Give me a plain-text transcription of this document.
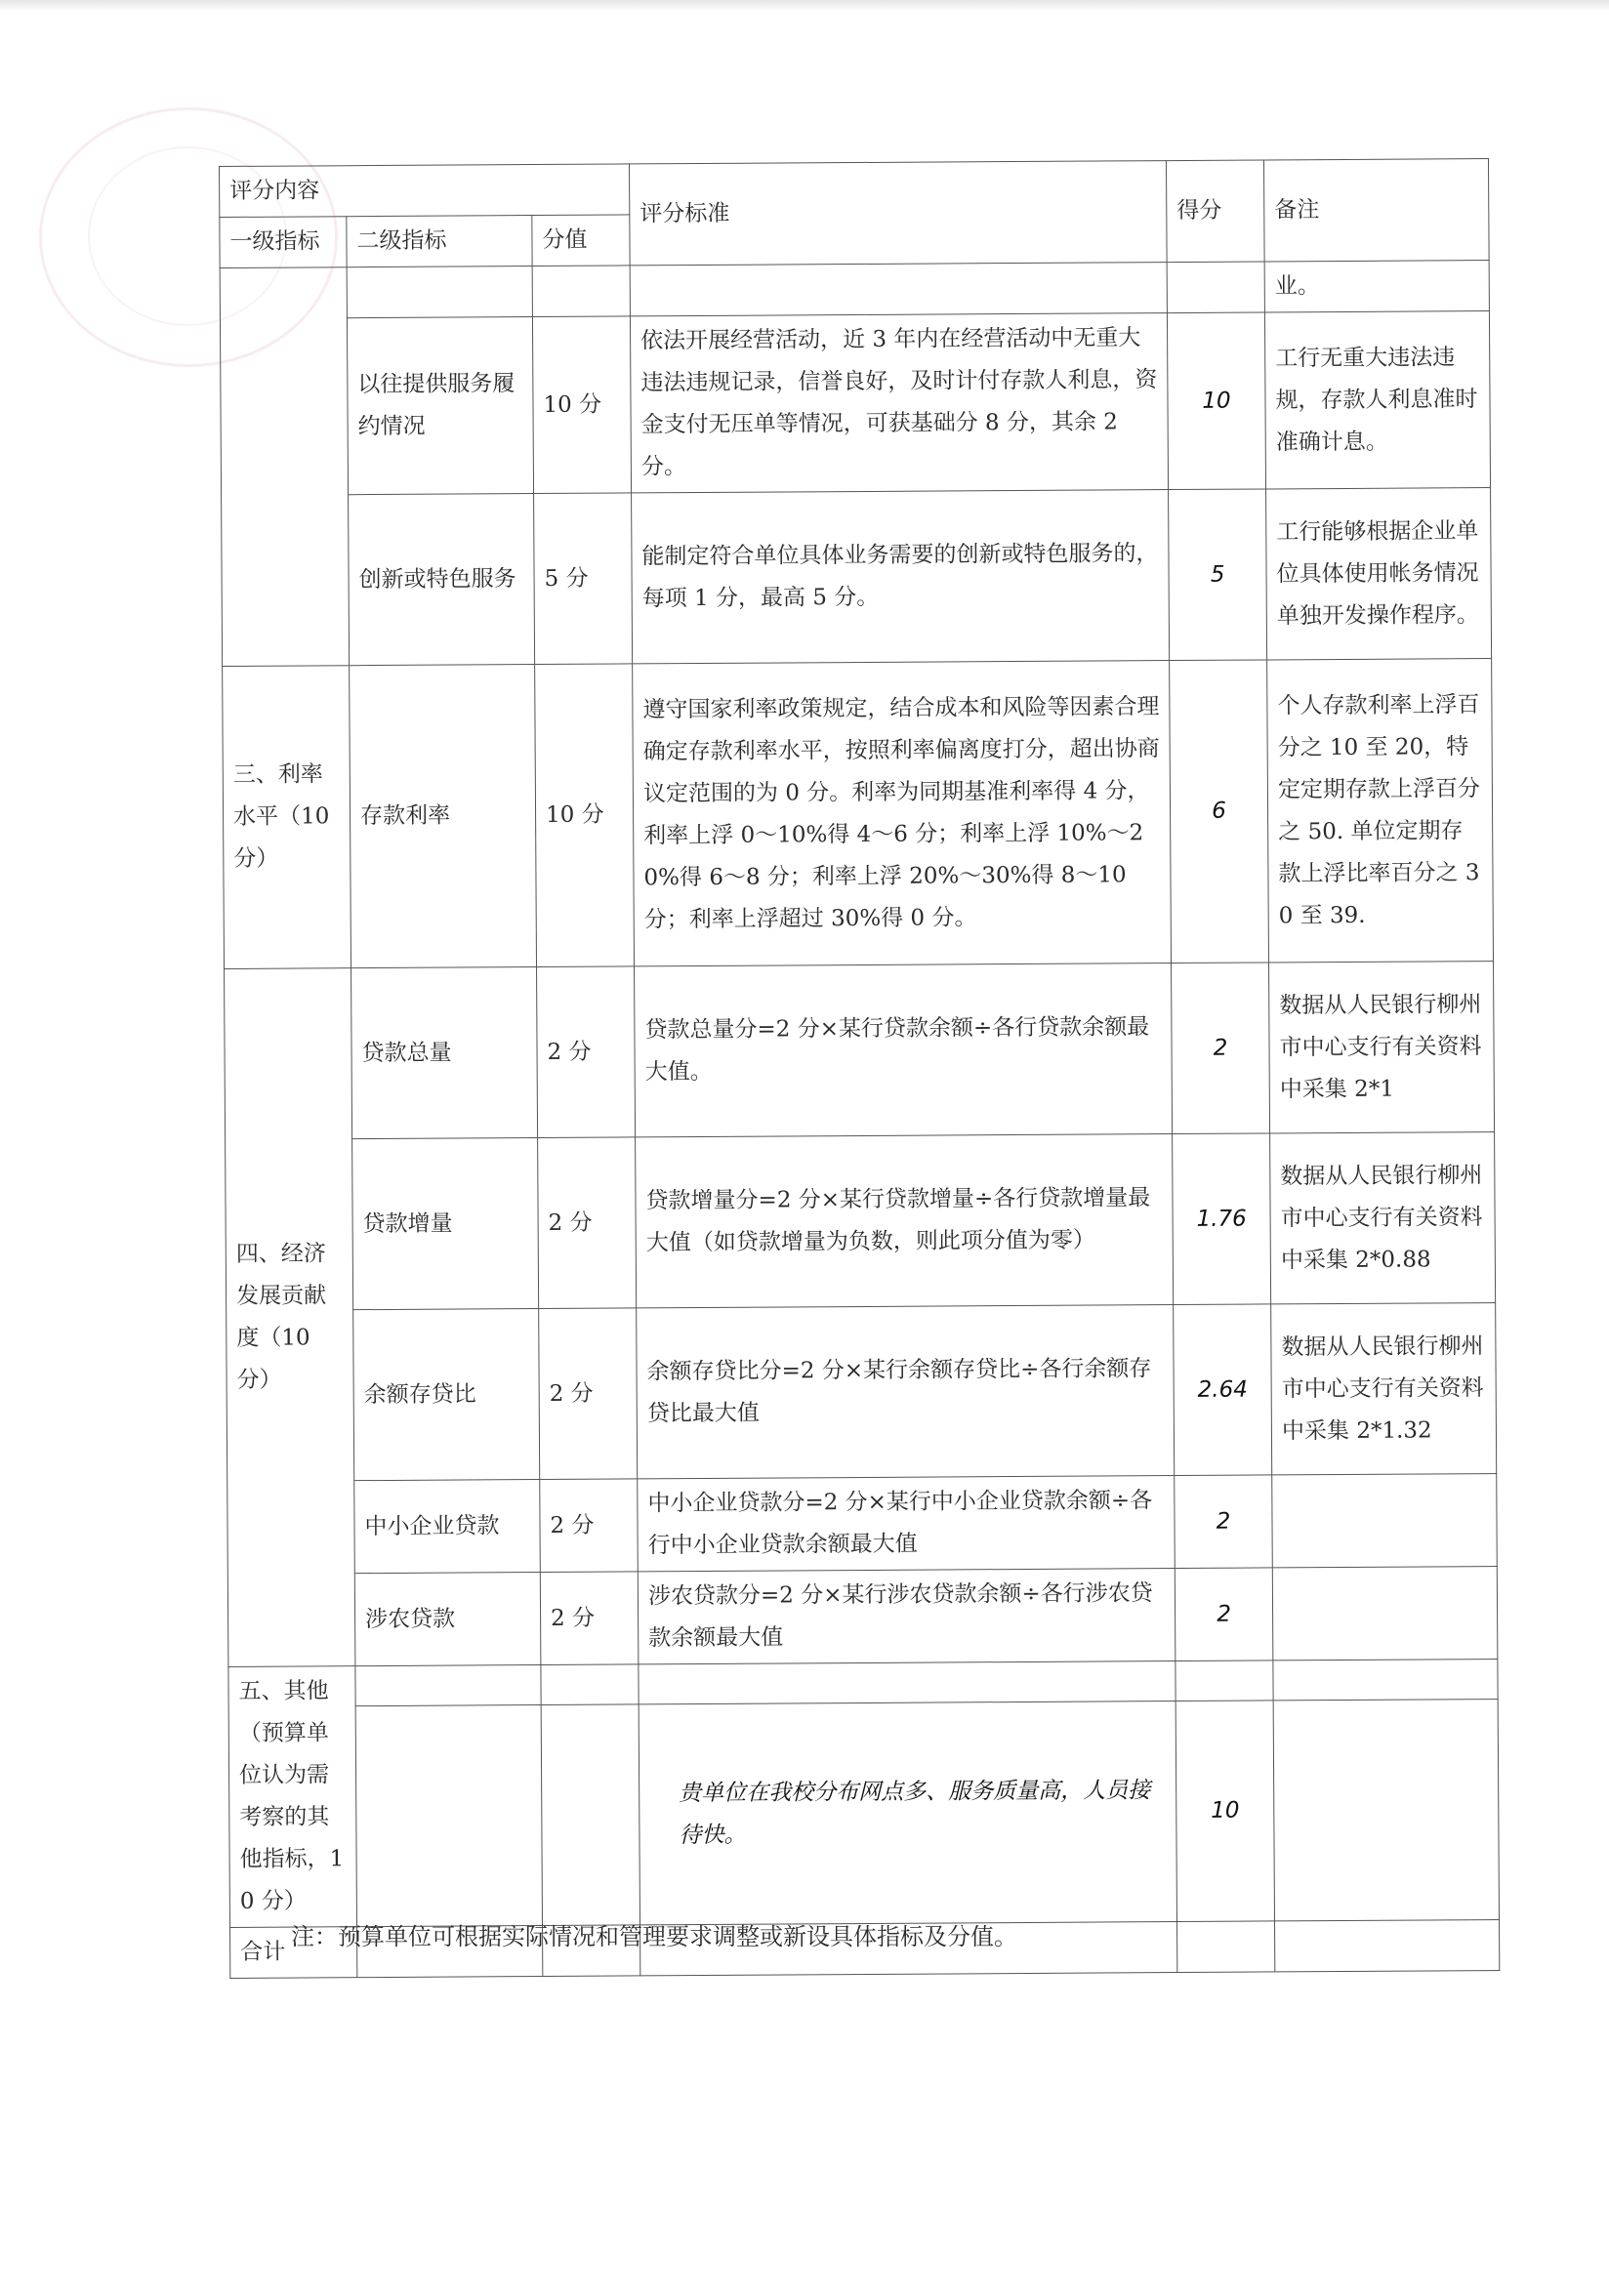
评分内容			评分标准	得分	备注
一级指标	二级指标	分值			
					业。
	以往提供服务履约情况	10 分	依法开展经营活动，近 3 年内在经营活动中无重大违法违规记录，信誉良好，及时计付存款人利息，资金支付无压单等情况，可获基础分 8 分，其余 2 分。	10	工行无重大违法违规，存款人利息准时准确计息。
	创新或特色服务	5 分	能制定符合单位具体业务需要的创新或特色服务的，每项 1 分，最高 5 分。	5	工行能够根据企业单位具体使用帐务情况单独开发操作程序。
三、利率水平（10 分）	存款利率	10 分	遵守国家利率政策规定，结合成本和风险等因素合理确定存款利率水平，按照利率偏离度打分，超出协商议定范围的为 0 分。利率为同期基准利率得 4 分，利率上浮 0～10%得 4～6 分；利率上浮 10%～20%得 6～8 分；利率上浮 20%～30%得 8～10 分；利率上浮超过 30%得 0 分。	6	个人存款利率上浮百分之 10 至 20，特定定期存款上浮百分之 50. 单位定期存款上浮比率百分之 30 至 39.
四、经济发展贡献度（10 分）	贷款总量	2 分	贷款总量分=2 分×某行贷款余额÷各行贷款余额最大值。	2	数据从人民银行柳州市中心支行有关资料中采集 2*1
	贷款增量	2 分	贷款增量分=2 分×某行贷款增量÷各行贷款增量最大值（如贷款增量为负数，则此项分值为零）	1.76	数据从人民银行柳州市中心支行有关资料中采集 2*0.88
	余额存贷比	2 分	余额存贷比分=2 分×某行余额存贷比÷各行余额存贷比最大值	2.64	数据从人民银行柳州市中心支行有关资料中采集 2*1.32
	中小企业贷款	2 分	中小企业贷款分=2 分×某行中小企业贷款余额÷各行中小企业贷款余额最大值	2	
	涉农贷款	2 分	涉农贷款分=2 分×某行涉农贷款余额÷各行涉农贷款余额最大值	2	
五、其他（预算单位认为需考察的其他指标，10 分）					
			贵单位在我校分布网点多、服务质量高，人员接待快。	10	
合计					
注：预算单位可根据实际情况和管理要求调整或新设具体指标及分值。
